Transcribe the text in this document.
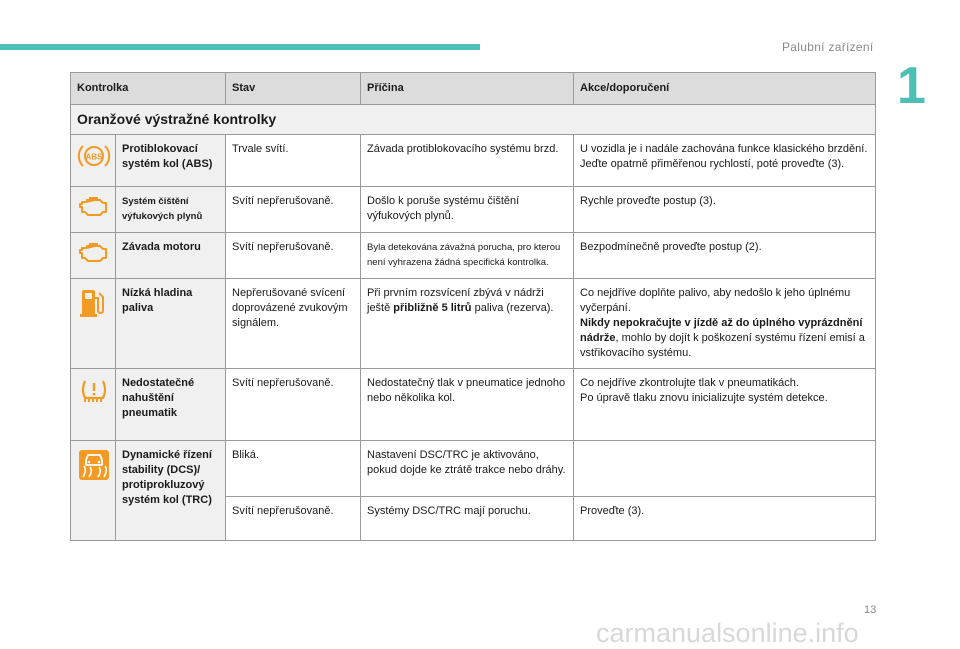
Palubní zařízení
1
Kontrolka		Stav	Příčina	Akce/doporučení
Oranžové výstražné kontrolky				

ABS	Protiblokovací systém kol (ABS)	Trvale svítí.	Závada protiblokovacího systému brzd.	U vozidla je i nadále zachována funkce klasického brzdění.
Jeďte opatrně přiměřenou rychlostí, poté proveďte (3).
	Systém čištění výfukových plynů	Svítí nepřerušovaně.	Došlo k poruše systému čištění výfukových plynů.	Rychle proveďte postup (3).
	Závada motoru	Svítí nepřerušovaně.	Byla detekována závažná porucha, pro kterou není vyhrazena žádná specifická kontrolka.	Bezpodmínečně proveďte postup (2).
	Nízká hladina paliva	Nepřerušované svícení doprovázené zvukovým signálem.	Při prvním rozsvícení zbývá v nádrži ještě přibližně 5 litrů paliva (rezerva).	Co nejdříve doplňte palivo, aby nedošlo k jeho úplnému vyčerpání.
Nikdy nepokračujte v jízdě až do úplného vyprázdnění nádrže, mohlo by dojít k poškození systému řízení emisí a vstřikovacího systému.
	Nedostatečné nahuštění pneumatik	Svítí nepřerušovaně.	Nedostatečný tlak v pneumatice jednoho nebo několika kol.	Co nejdříve zkontrolujte tlak v pneumatikách.
Po úpravě tlaku znovu inicializujte systém detekce.
	Dynamické řízení stability (DCS)/ protiprokluzový systém kol (TRC)	Bliká.	Nastavení DSC/TRC je aktivováno, pokud dojde ke ztrátě trakce nebo dráhy.	
		Svítí nepřerušovaně.	Systémy DSC/TRC mají poruchu.	Proveďte (3).
13
carmanualsonline.info
